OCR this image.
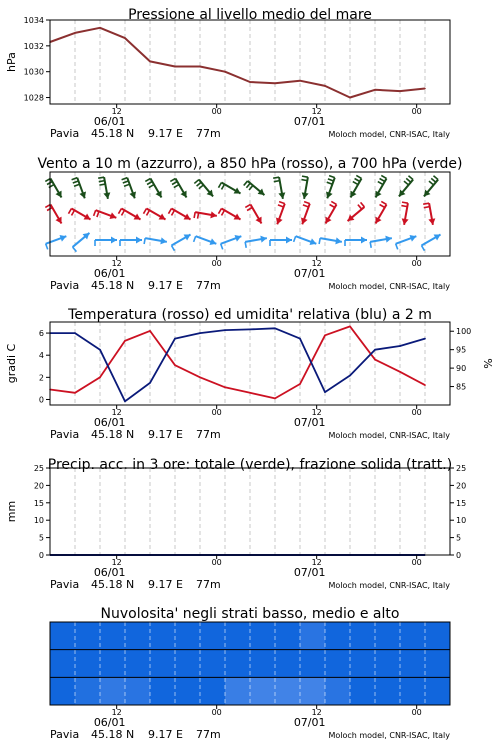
Pressione al livello medio del mare
1028
1030
1032
1034
hPa
12	00	12	00
06/01	07/01
Pavia 45.18 N 9.17 E 77m	Moloch model, CNR-ISAC, Italy
Vento a 10 m (azzurro), a 850 hPa (rosso), a 700 hPa (verde)
12	00	12	00
06/01	07/01
Pavia 45.18 N 9.17 E 77m	Moloch model, CNR-ISAC, Italy
Temperatura (rosso) ed umidita' relativa (blu) a 2 m
0
2
4
6
gradi C
85
90
95
100
%
12	00	12	00
06/01	07/01
Pavia 45.18 N 9.17 E 77m	Moloch model, CNR-ISAC, Italy
Precip. acc. in 3 ore: totale (verde), frazione solida (tratt.)
0
5
10
15
20
25
mm
0
5
10
15
20
25
12	00	12	00
06/01	07/01
Pavia 45.18 N 9.17 E 77m	Moloch model, CNR-ISAC, Italy
Nuvolosita' negli strati basso, medio e alto
12	00	12	00
06/01	07/01
Pavia 45.18 N 9.17 E 77m	Moloch model, CNR-ISAC, Italy
